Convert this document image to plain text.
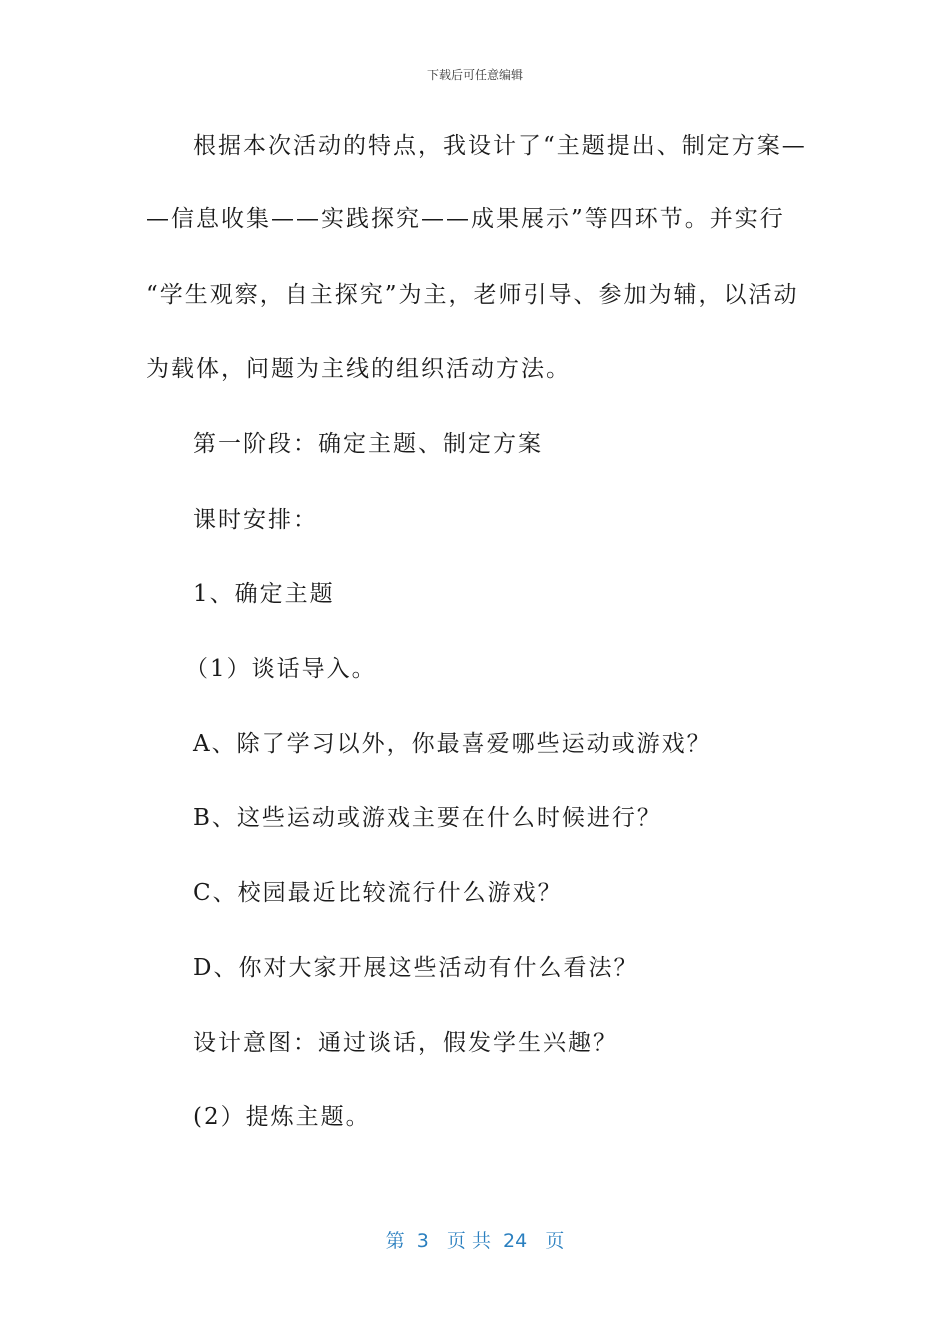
下载后可任意编辑
根据本次活动的特点，我设计了“主题提出、制定方案—
—信息收集——实践探究——成果展示”等四环节。并实行
“学生观察，自主探究”为主，老师引导、参加为辅，以活动
为载体，问题为主线的组织活动方法。
第一阶段：确定主题、制定方案
课时安排：
1、确定主题
（1）谈话导入。
A、除了学习以外，你最喜爱哪些运动或游戏？
B、这些运动或游戏主要在什么时候进行？
C、校园最近比较流行什么游戏？
D、你对大家开展这些活动有什么看法？
设计意图：通过谈话，假发学生兴趣？
(2）提炼主题。
第  3   页 共  24   页
